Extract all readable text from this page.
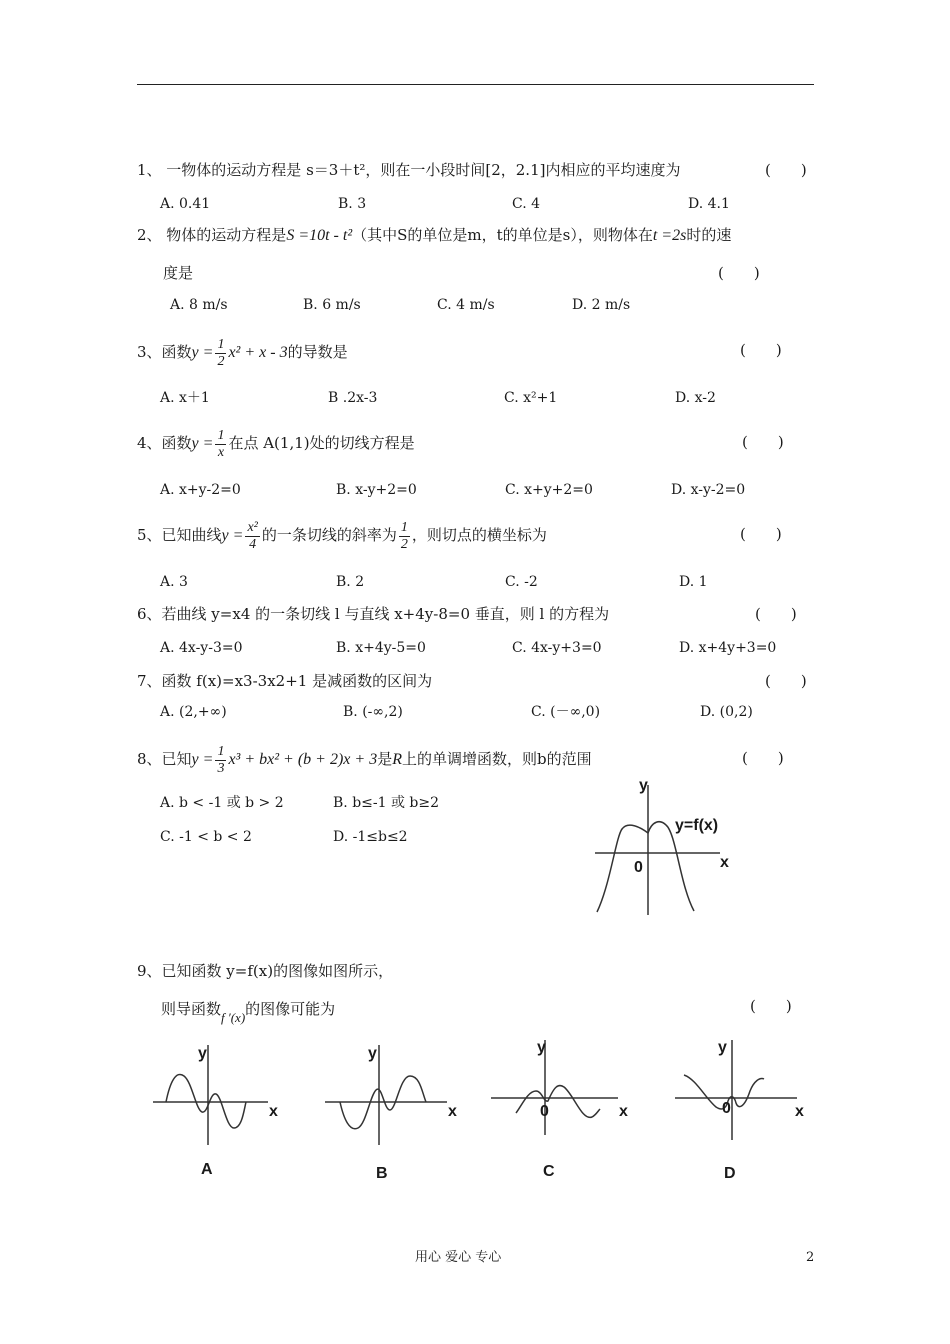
1、 一物体的运动方程是 s＝3＋t²，则在一小段时间[2，2.1]内相应的平均速度为	(　　)
A. 0.41	B. 3	C. 4	D. 4.1
2、 物体的运动方程是S =10t - t²（其中S的单位是m，t的单位是s），则物体在t =2s时的速
度是	(　　)
A. 8 m/s	B. 6 m/s	C. 4 m/s	D. 2 m/s
3、函数$y = \frac{1}{2} x^2 + x - 3$的导数是	(　　)
A. x＋1	B .2x-3	C. x²+1	D. x-2
4、函数$y = \frac{1}{x}$ 在点 A(1,1)处的切线方程是	(　　)
A. x+y-2=0	B. x-y+2=0	C. x+y+2=0	D. x-y-2=0
5、已知曲线$y = \frac{\text{x²}}{4}$ 的一条切线的斜率为 $\frac{1}{2}$ ，则切点的横坐标为	(　　)
A. 3	B. 2	C. -2	D. 1
6、若曲线 y=x4 的一条切线 l 与直线 x+4y-8=0 垂直，则 l 的方程为	(　　)
A. 4x-y-3=0	B. x+4y-5=0	C. 4x-y+3=0	D. x+4y+3=0
7、函数 f(x)=x3-3x2+1 是减函数的区间为	(　　)
A. (2,+∞)	B. (-∞,2)	C. (－∞,0)	D. (0,2)
8、已知$y = \frac{1}{3} x^3 + bx^2 + (b + 2)x + 3$是R上的单调增函数，则b的范围	(　　)
A. b < -1 或 b > 2	B. b≤-1 或 b≥2
C. -1 < b < 2	D. -1≤b≤2
y
y=f(x)
x
0
9、已知函数 y=f(x)的图像如图所示，
则导函数f ′(x)的图像可能为	(　　)
y
x
A
y
x
B
y
x
0
C
y
x
0
D
用心 爱心 专心	2
